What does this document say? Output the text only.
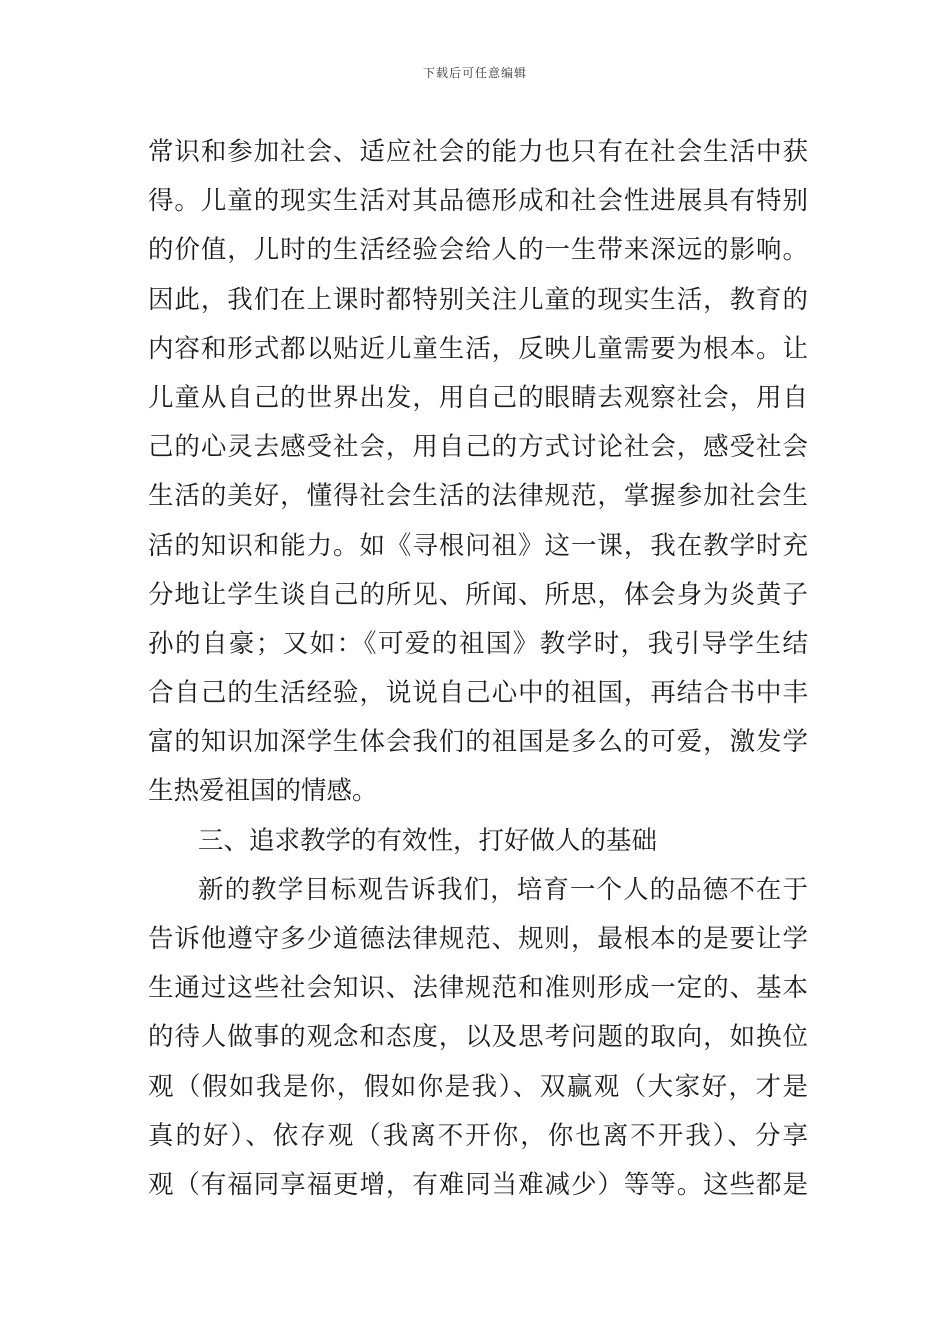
下载后可任意编辑
常识和参加社会、适应社会的能力也只有在社会生活中获
得。儿童的现实生活对其品德形成和社会性进展具有特别
的价值，儿时的生活经验会给人的一生带来深远的影响。
因此，我们在上课时都特别关注儿童的现实生活，教育的
内容和形式都以贴近儿童生活，反映儿童需要为根本。让
儿童从自己的世界出发，用自己的眼睛去观察社会，用自
己的心灵去感受社会，用自己的方式讨论社会，感受社会
生活的美好，懂得社会生活的法律规范，掌握参加社会生
活的知识和能力。如《寻根问祖》这一课，我在教学时充
分地让学生谈自己的所见、所闻、所思，体会身为炎黄子
孙的自豪；又如：《可爱的祖国》教学时，我引导学生结
合自己的生活经验，说说自己心中的祖国，再结合书中丰
富的知识加深学生体会我们的祖国是多么的可爱，激发学
生热爱祖国的情感。
三、追求教学的有效性，打好做人的基础
新的教学目标观告诉我们，培育一个人的品德不在于
告诉他遵守多少道德法律规范、规则，最根本的是要让学
生通过这些社会知识、法律规范和准则形成一定的、基本
的待人做事的观念和态度，以及思考问题的取向，如换位
观（假如我是你，假如你是我）、双赢观（大家好，才是
真的好）、依存观（我离不开你，你也离不开我）、分享
观（有福同享福更增，有难同当难减少）等等。这些都是
